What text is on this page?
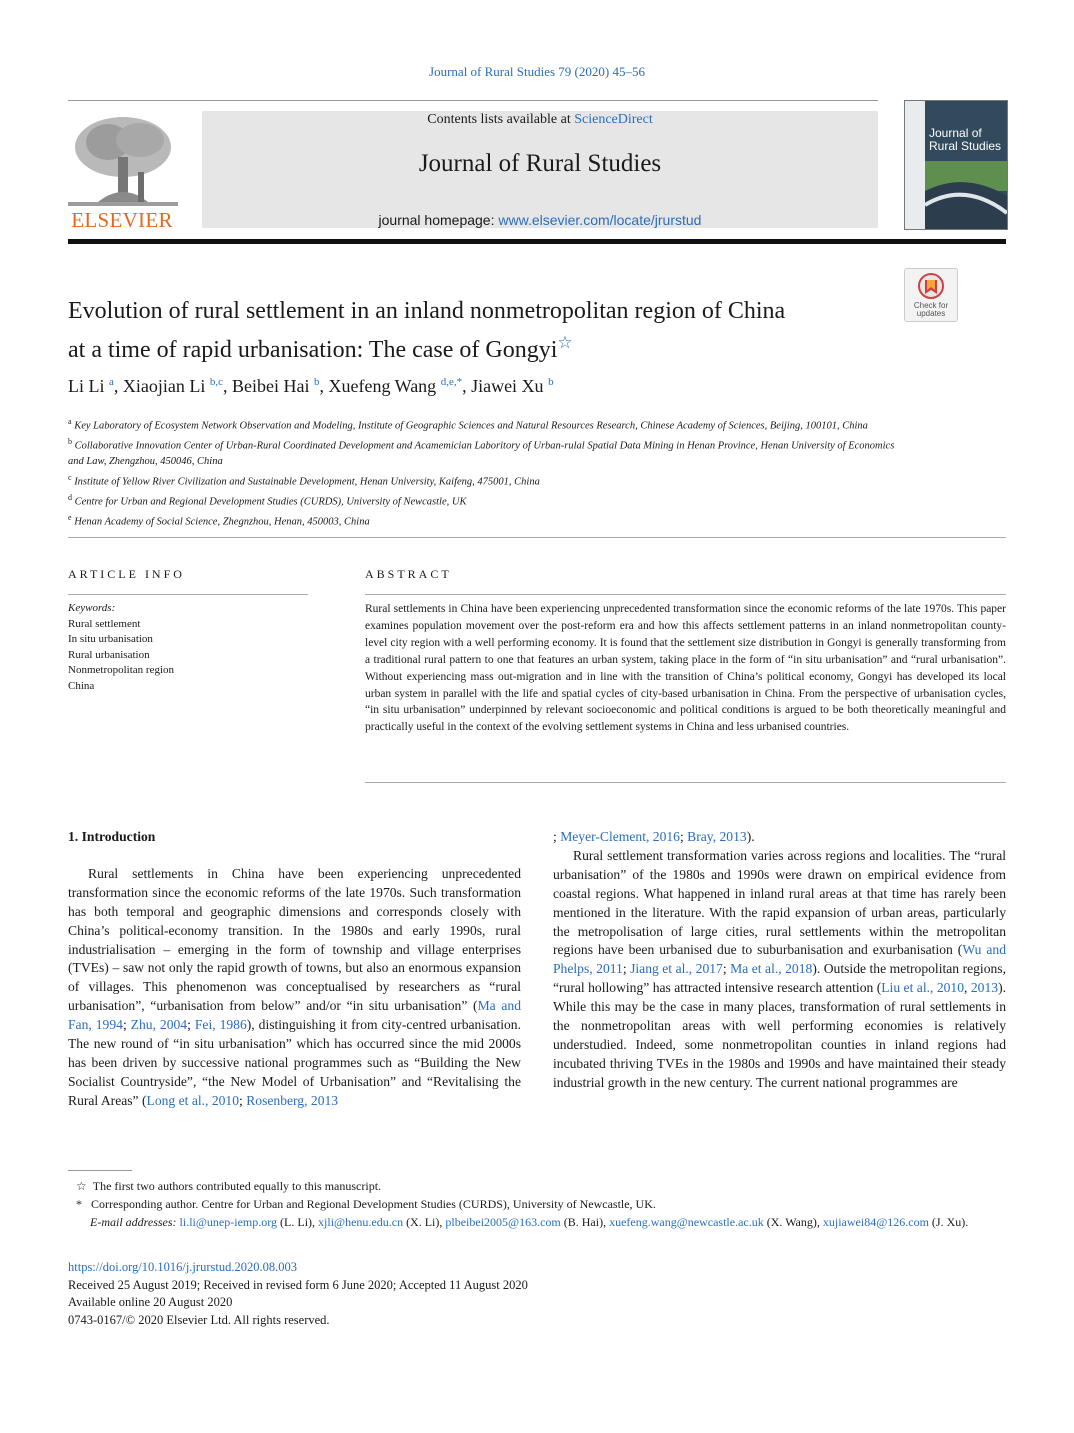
Journal of Rural Studies 79 (2020) 45–56
ELSEVIER
Contents lists available at ScienceDirect
Journal of Rural Studies
journal homepage: www.elsevier.com/locate/jrurstud
Journal of Rural Studies
Check for updates
Evolution of rural settlement in an inland nonmetropolitan region of China
at a time of rapid urbanisation: The case of Gongyi☆
Li Li $^a$, Xiaojian Li $^{b,c}$, Beibei Hai $^b$, Xuefeng Wang $^{d,e,*}$, Jiawei Xu $^b$
$^a$ Key Laboratory of Ecosystem Network Observation and Modeling, Institute of Geographic Sciences and Natural Resources Research, Chinese Academy of Sciences, Beijing, 100101, China
$^b$ Collaborative Innovation Center of Urban-Rural Coordinated Development and Acamemician Laboritory of Urban-rulal Spatial Data Mining in Henan Province, Henan University of Economics and Law, Zhengzhou, 450046, China
$^c$ Institute of Yellow River Civilization and Sustainable Development, Henan University, Kaifeng, 475001, China
$^d$ Centre for Urban and Regional Development Studies (CURDS), University of Newcastle, UK
$^e$ Henan Academy of Social Science, Zhegnzhou, Henan, 450003, China
ARTICLE INFO
Keywords:
Rural settlement
In situ urbanisation
Rural urbanisation
Nonmetropolitan region
China
ABSTRACT
Rural settlements in China have been experiencing unprecedented transformation since the economic reforms of the late 1970s. This paper examines population movement over the post-reform era and how this affects settlement patterns in an inland nonmetropolitan county-level city region with a well performing economy. It is found that the settlement size distribution in Gongyi is generally transforming from a traditional rural pattern to one that features an urban system, taking place in the form of “in situ urbanisation” and “rural urbanisation”. Without experiencing mass out-migration and in line with the transition of China’s political economy, Gongyi has developed its local urban system in parallel with the life and spatial cycles of city-based urbanisation in China. From the perspective of urbanisation cycles, “in situ urbanisation” underpinned by relevant socioeconomic and political conditions is argued to be both theoretically meaningful and practically useful in the context of the evolving settlement systems in China and less urbanised countries.

1. Introduction

Rural settlements in China have been experiencing unprecedented transformation since the economic reforms of the late 1970s. Such transformation has both temporal and geographic dimensions and corresponds closely with China’s political-economy transition. In the 1980s and early 1990s, rural industrialisation – emerging in the form of township and village enterprises (TVEs) – saw not only the rapid growth of towns, but also an enormous expansion of villages. This phenomenon was conceptualised by researchers as “rural urbanisation”, “urbanisation from below” and/or “in situ urbanisation” (Ma and Fan, 1994; Zhu, 2004; Fei, 1986), distinguishing it from city-centred urbanisation. The new round of “in situ urbanisation” which has occurred since the mid 2000s has been driven by successive national programmes such as “Building the New Socialist Countryside”, “the New Model of Urbanisation” and “Revitalising the Rural Areas” (Long et al., 2010; Rosenberg, 2013

; Meyer-Clement, 2016; Bray, 2013).

Rural settlement transformation varies across regions and localities. The “rural urbanisation” of the 1980s and 1990s were drawn on empirical evidence from coastal regions. What happened in inland rural areas at that time has rarely been mentioned in the literature. With the rapid expansion of urban areas, particularly the metropolisation of large cities, rural settlements within the metropolitan regions have been urbanised due to suburbanisation and exurbanisation (Wu and Phelps, 2011; Jiang et al., 2017; Ma et al., 2018). Outside the metropolitan regions, “rural hollowing” has attracted intensive research attention (Liu et al., 2010, 2013). While this may be the case in many places, transformation of rural settlements in the nonmetropolitan areas with well performing economies is relatively understudied. Indeed, some nonmetropolitan counties in inland regions had incubated thriving TVEs in the 1980s and 1990s and have maintained their steady industrial growth in the new century. The current national programmes are

☆ The first two authors contributed equally to this manuscript.
* Corresponding author. Centre for Urban and Regional Development Studies (CURDS), University of Newcastle, UK.
E-mail addresses: li.li@unep-iemp.org (L. Li), xjli@henu.edu.cn (X. Li), plbeibei2005@163.com (B. Hai), xuefeng.wang@newcastle.ac.uk (X. Wang), xujiawei84@126.com (J. Xu).
https://doi.org/10.1016/j.jrurstud.2020.08.003
Received 25 August 2019; Received in revised form 6 June 2020; Accepted 11 August 2020
Available online 20 August 2020
0743-0167/© 2020 Elsevier Ltd. All rights reserved.
